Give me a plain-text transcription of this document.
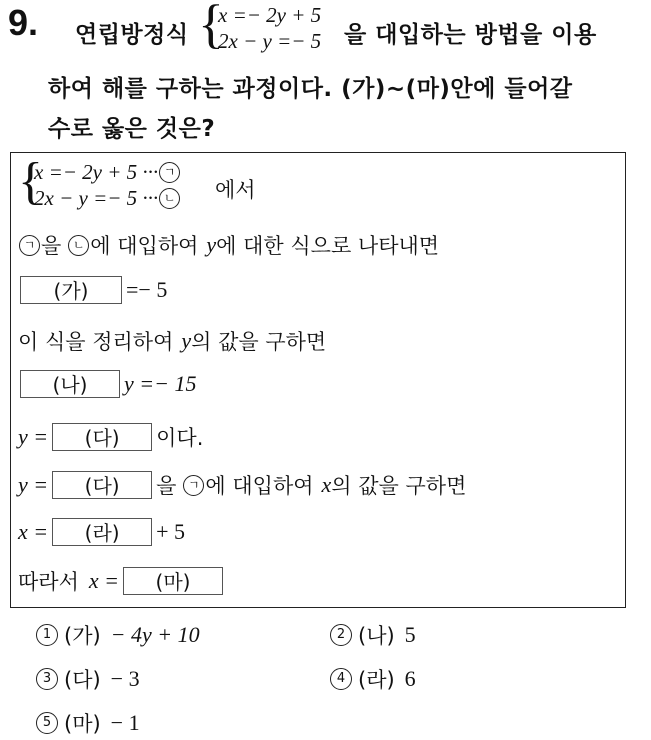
9. 연립방정식 {
x =− 2y + 5
2x − y =− 5 을 대입하는 방법을 이용
하여 해를 구하는 과정이다. (가)~(마)안에 들어갈
수로 옳은 것은?
{
x =− 2y + 5 ··· ㄱ
2x − y =− 5 ··· ㄴ 에서
ㄱ 을 ㄴ 에 대입하여 y 에 대한 식으로 나타내면
(가)	=− 5
이 식을 정리하여 y 의 값을 구하면
(나)	y =− 15
y =	(다)	이다.
y =	(다)	을 ㄱ 에 대입하여 x 의 값을 구하면
x =	(라)	+ 5
따라서 x =	(마)
1 (가) − 4y + 10	2 (나) 5
3 (다) − 3	4 (라) 6
5 (마) − 1
